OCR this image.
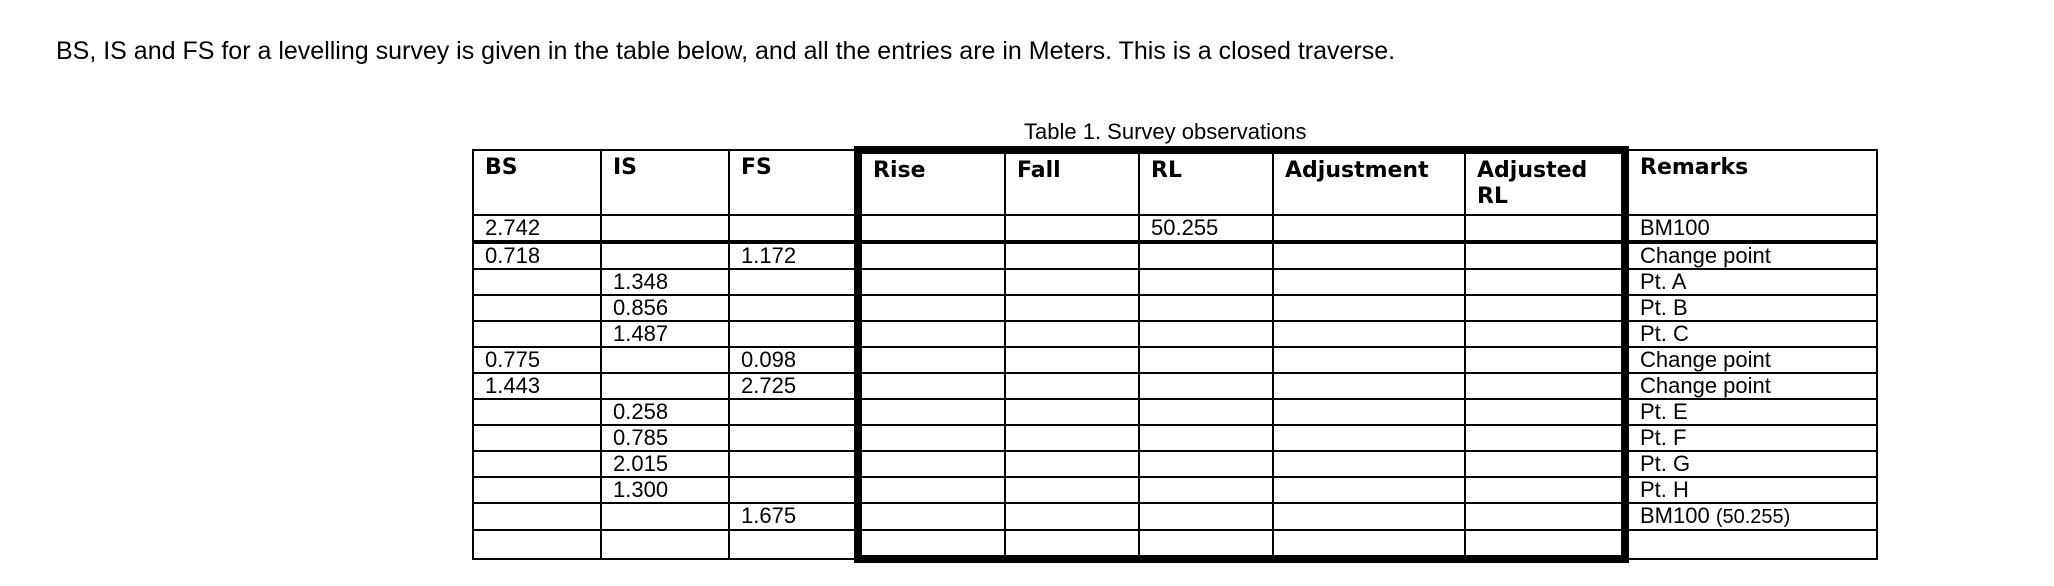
BS, IS and FS for a levelling survey is given in the table below, and all the entries are in Meters. This is a closed traverse.
Table 1. Survey observations
BS	IS	FS	Rise	Fall	RL	Adjustment	Adjusted RL	Remarks
2.742					50.255			BM100
0.718		1.172						Change point
	1.348							Pt. A
	0.856							Pt. B
	1.487							Pt. C
0.775		0.098						Change point
1.443		2.725						Change point
	0.258							Pt. E
	0.785							Pt. F
	2.015							Pt. G
	1.300							Pt. H
		1.675						BM100 (50.255)
